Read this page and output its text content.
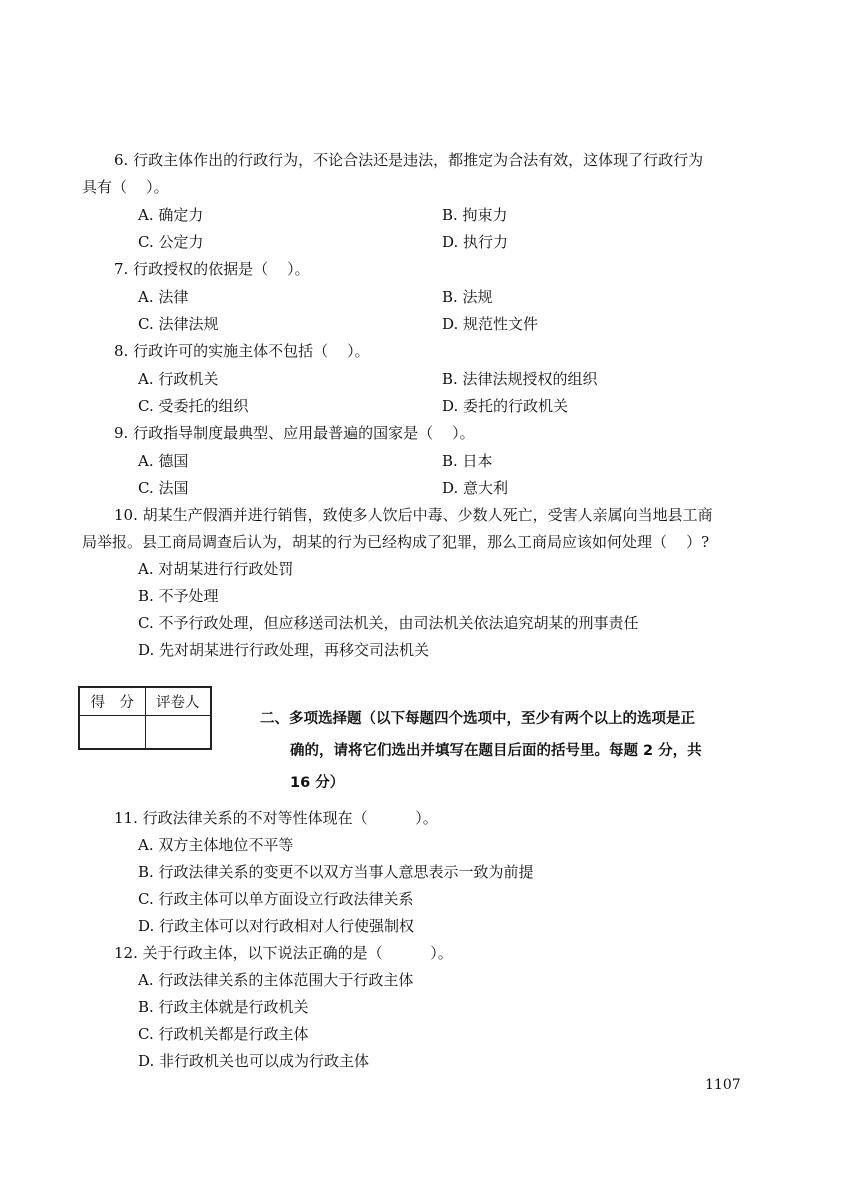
6. 行政主体作出的行政行为，不论合法还是违法，都推定为合法有效，这体现了行政行为
具有（    ）。
A. 确定力	B. 拘束力
C. 公定力	D. 执行力
7. 行政授权的依据是（    ）。
A. 法律	B. 法规
C. 法律法规	D. 规范性文件
8. 行政许可的实施主体不包括（    ）。
A. 行政机关	B. 法律法规授权的组织
C. 受委托的组织	D. 委托的行政机关
9. 行政指导制度最典型、应用最普遍的国家是（    ）。
A. 德国	B. 日本
C. 法国	D. 意大利
10. 胡某生产假酒并进行销售，致使多人饮后中毒、少数人死亡，受害人亲属向当地县工商
局举报。县工商局调查后认为，胡某的行为已经构成了犯罪，那么工商局应该如何处理（    ）?
A. 对胡某进行行政处罚
B. 不予处理
C. 不予行政处理，但应移送司法机关，由司法机关依法追究胡某的刑事责任
D. 先对胡某进行行政处理，再移交司法机关
得　分	评卷人

二、多项选择题（以下每题四个选项中，至少有两个以上的选项是正
确的，请将它们选出并填写在题目后面的括号里。每题 2 分，共
16 分）
11. 行政法律关系的不对等性体现在（          ）。
A. 双方主体地位不平等
B. 行政法律关系的变更不以双方当事人意思表示一致为前提
C. 行政主体可以单方面设立行政法律关系
D. 行政主体可以对行政相对人行使强制权
12. 关于行政主体，以下说法正确的是（          ）。
A. 行政法律关系的主体范围大于行政主体
B. 行政主体就是行政机关
C. 行政机关都是行政主体
D. 非行政机关也可以成为行政主体
1107
